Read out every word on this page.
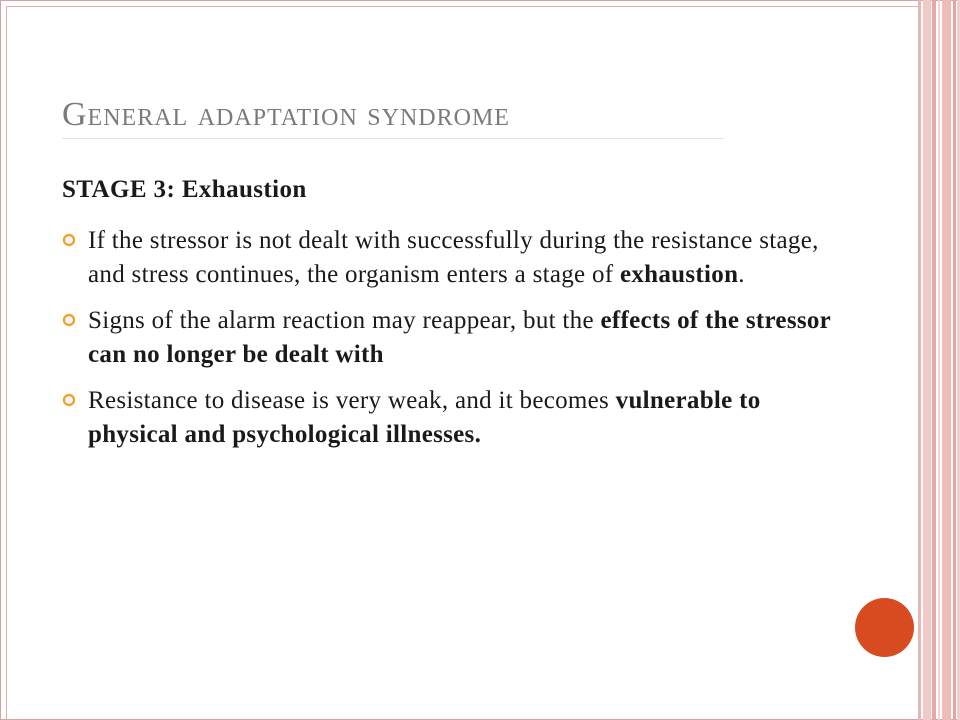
General adaptation syndrome
STAGE 3: Exhaustion
If the stressor is not dealt with successfully during the resistance stage, and stress continues, the organism enters a stage of exhaustion.
Signs of the alarm reaction may reappear, but the effects of the stressor can no longer be dealt with
Resistance to disease is very weak, and it becomes vulnerable to physical and psychological illnesses.
